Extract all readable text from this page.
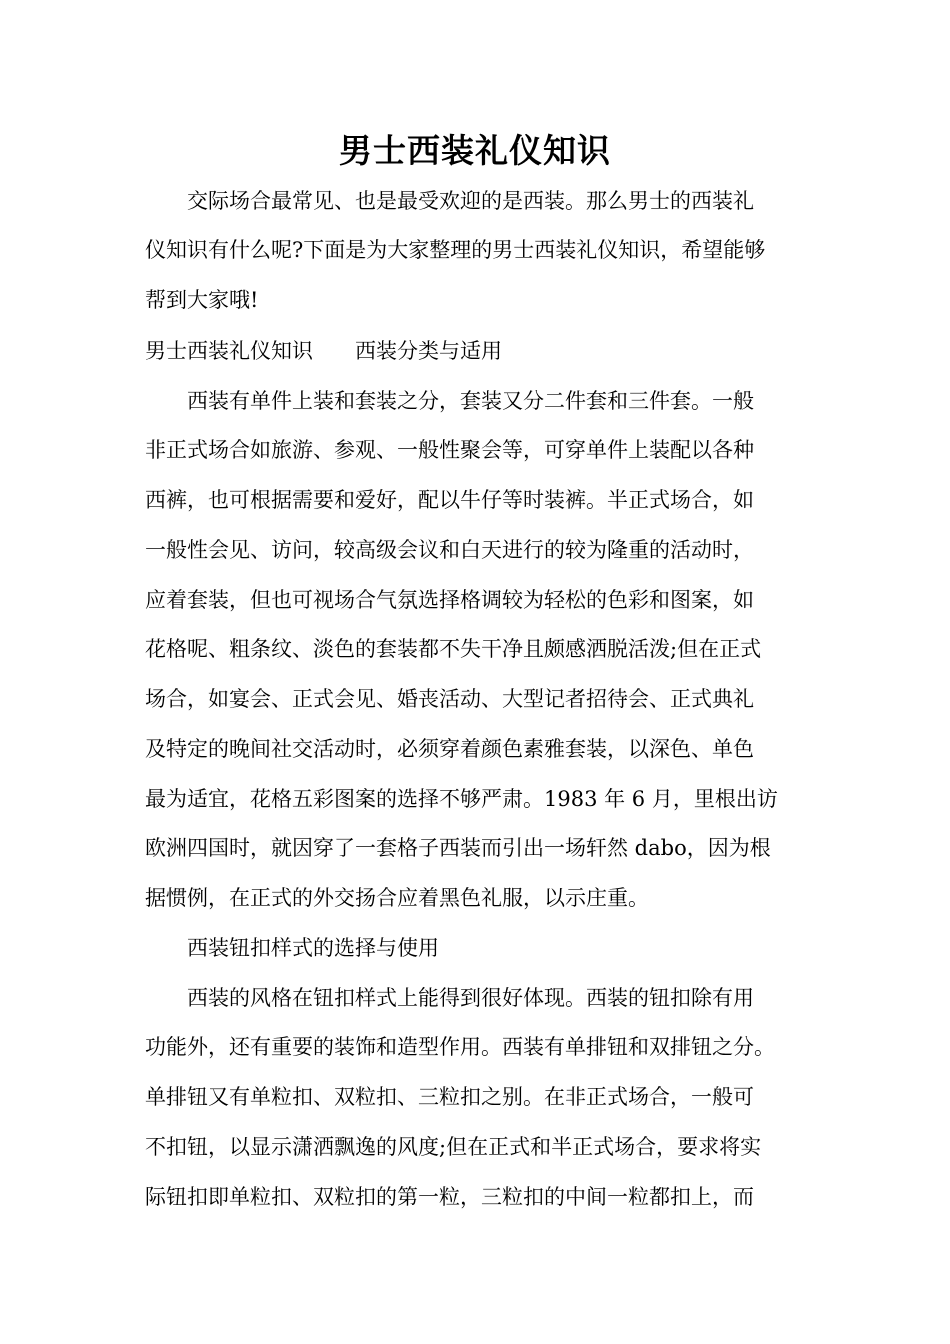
男士西装礼仪知识
　　交际场合最常见、也是最受欢迎的是西装。那么男士的西装礼
仪知识有什么呢?下面是为大家整理的男士西装礼仪知识，希望能够
帮到大家哦!
男士西装礼仪知识　　西装分类与适用
　　西装有单件上装和套装之分，套装又分二件套和三件套。一般
非正式场合如旅游、参观、一般性聚会等，可穿单件上装配以各种
西裤，也可根据需要和爱好，配以牛仔等时装裤。半正式场合，如
一般性会见、访问，较高级会议和白天进行的较为隆重的活动时，
应着套装，但也可视场合气氛选择格调较为轻松的色彩和图案，如
花格呢、粗条纹、淡色的套装都不失干净且颇感洒脱活泼;但在正式
场合，如宴会、正式会见、婚丧活动、大型记者招待会、正式典礼
及特定的晚间社交活动时，必须穿着颜色素雅套装，以深色、单色
最为适宜，花格五彩图案的选择不够严肃。1983 年 6 月，里根出访
欧洲四国时，就因穿了一套格子西装而引出一场轩然 dabo，因为根
据惯例，在正式的外交扬合应着黑色礼服，以示庄重。
　　西装钮扣样式的选择与使用
　　西装的风格在钮扣样式上能得到很好体现。西装的钮扣除有用
功能外，还有重要的装饰和造型作用。西装有单排钮和双排钮之分。
单排钮又有单粒扣、双粒扣、三粒扣之别。在非正式场合，一般可
不扣钮，以显示潇洒飘逸的风度;但在正式和半正式场合，要求将实
际钮扣即单粒扣、双粒扣的第一粒，三粒扣的中间一粒都扣上，而
